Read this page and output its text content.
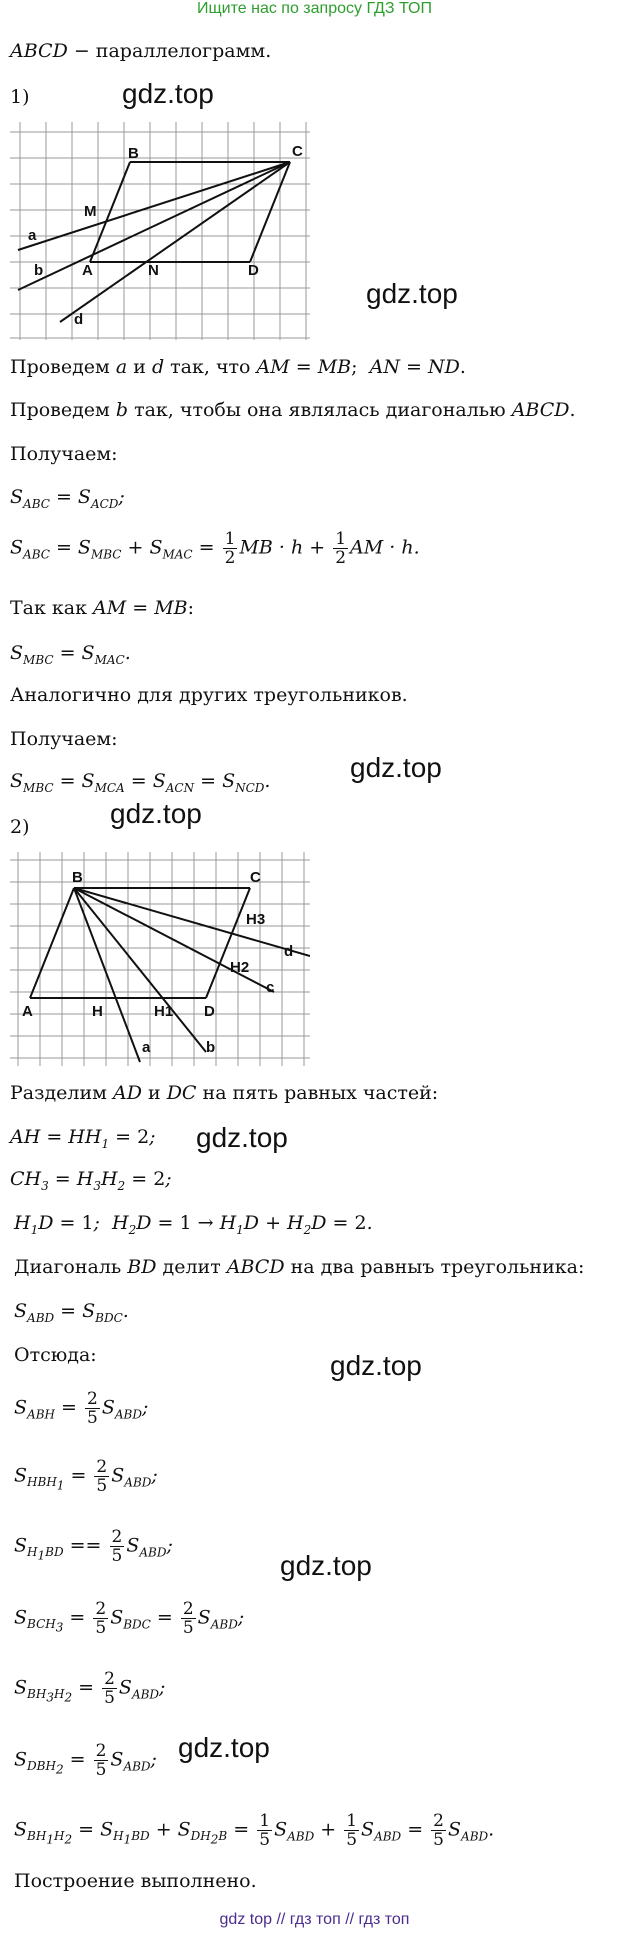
Ищите нас по запросу ГДЗ ТОП
ABCD − параллелограмм.
1)	gdz.top
B	C
M
a
b	A	N	D
d
gdz.top
Проведем a и d так, что AM = MB;  AN = ND.
Проведем b так, чтобы она являлась диагональю ABCD.
Получаем:
$S_{ABC} = S_{ACD}$;
$S_{ABC} = S_{MBC} + S_{MAC} = \frac{1}{2}$ MB · $h + \frac{1}{2}$ AM · h.
Так как AM = MB:
$S_{MBC} = S_{MAC}$.
Аналогично для других треугольников.
Получаем:
$S_{MBC} = S_{MCA} = S_{ACN} = S_{NCD}$.	gdz.top
2)	gdz.top
B	C
H3
d
H2
c
A	H	H1 D
a	b
Разделим AD и DC на пять равных частей:
AH = $HH_1 = 2$; gdz.top
$CH_3 = H_3H_2 = 2$;
$H_1D = 1$;  $H_2D = 1 \to H_1D + H_2D = 2$.
Диагональ BD делит ABCD на два равныъ треугольника:
$S_{ABD} = S_{BDC}$.
Отсюда:	gdz.top
$S_{ABH} = \frac{2}{5} S_{ABD}$;
$S_{HBH_1} = \frac{2}{5} S_{ABD}$;
$S_{H_1BD} == \frac{2}{5} S_{ABD}$;
gdz.top
$S_{BCH_3} = \frac{2}{5} S_{BDC} = \frac{2}{5} S_{ABD}$;
$S_{BH_3H_2} = \frac{2}{5} S_{ABD}$;
$S_{DBH_2} = \frac{2}{5} S_{ABD}$; gdz.top
$S_{BH_1H_2} = S_{H_1BD} + S_{DH_2B} = \frac{1}{5} S_{ABD} + \frac{1}{5} S_{ABD} = \frac{2}{5} S_{ABD}$.
Построение выполнено.
gdz top // гдз топ // гдз топ
